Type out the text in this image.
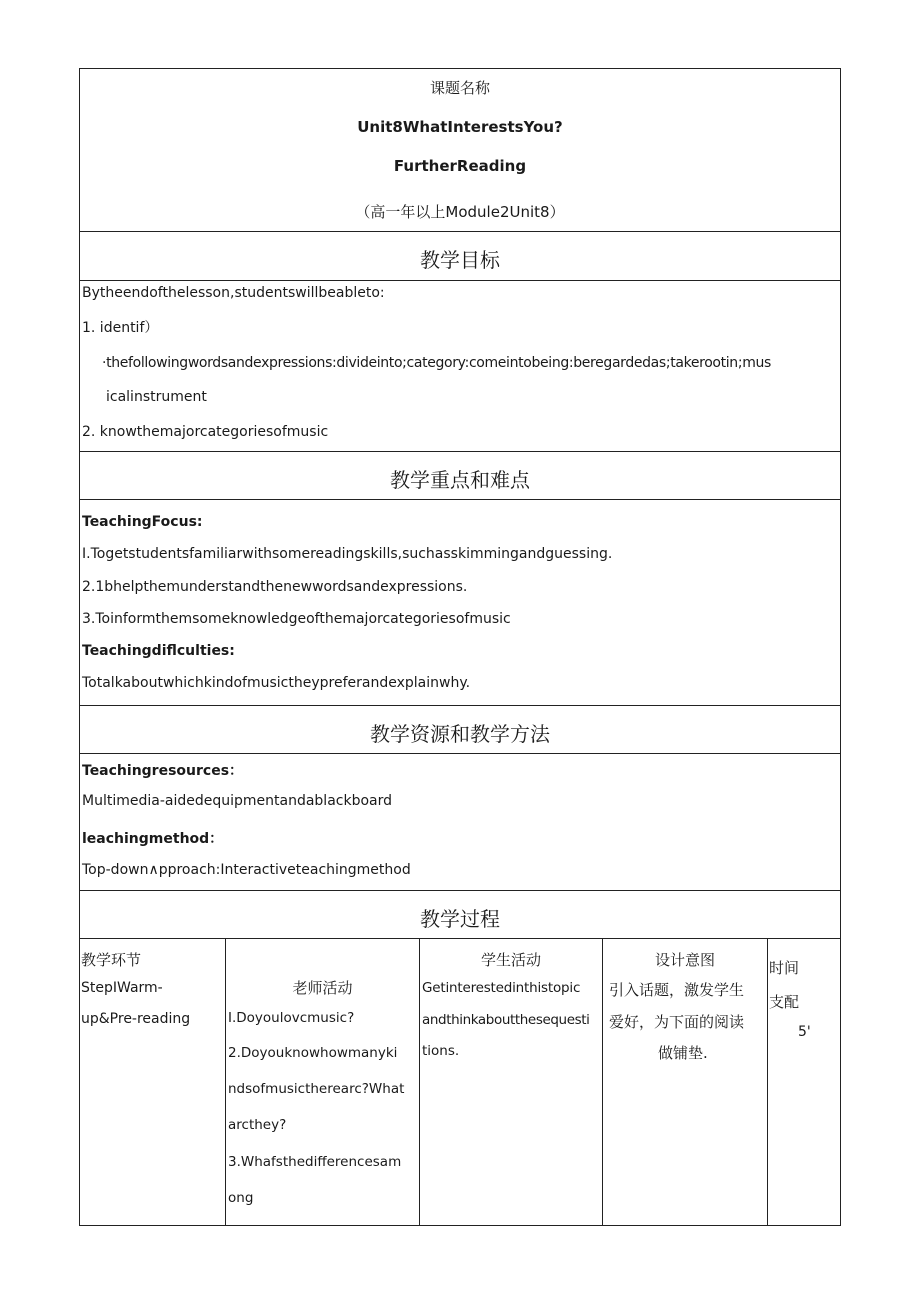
课题名称
Unit8WhatInterestsYou?
FurtherReading
（高一年以上Module2Unit8）
教学目标
Bytheendofthelesson,studentswillbeableto:
1. identif）
·thefollowingwordsandexpressions:divideinto;category:comeintobeing:beregardedas;takerootin;mus
icalinstrument
2. knowthemajorcategoriesofmusic
教学重点和难点
TeachingFocus:
I.Togetstudentsfamiliarwithsomereadingskills,suchasskimmingandguessing.
2.1bhelpthemunderstandthenewwordsandexpressions.
3.Toinformthemsomeknowledgeofthemajorcategoriesofmusic
Teachingdiflculties:
Totalkaboutwhichkindofmusictheypreferandexplainwhy.
教学资源和教学方法
Teachingresources：
Multimedia-aidedequipmentandablackboard
leachingmethod：
Top-down∧pproach:Interactiveteachingmethod
教学过程
教学环节
StepIWarm-
up&Pre-reading
老师活动
I.Doyoulovcmusic?
2.Doyouknowhowmanyki
ndsofmusictherearc?What
arcthey?
3.Whafsthedifferencesam
ong
学生活动
Getinterestedinthistopic
andthinkaboutthesequesti
tions.
设计意图
引入话题，激发学生
爱好，为下面的阅读
做铺垫.
时间
支配
5'
